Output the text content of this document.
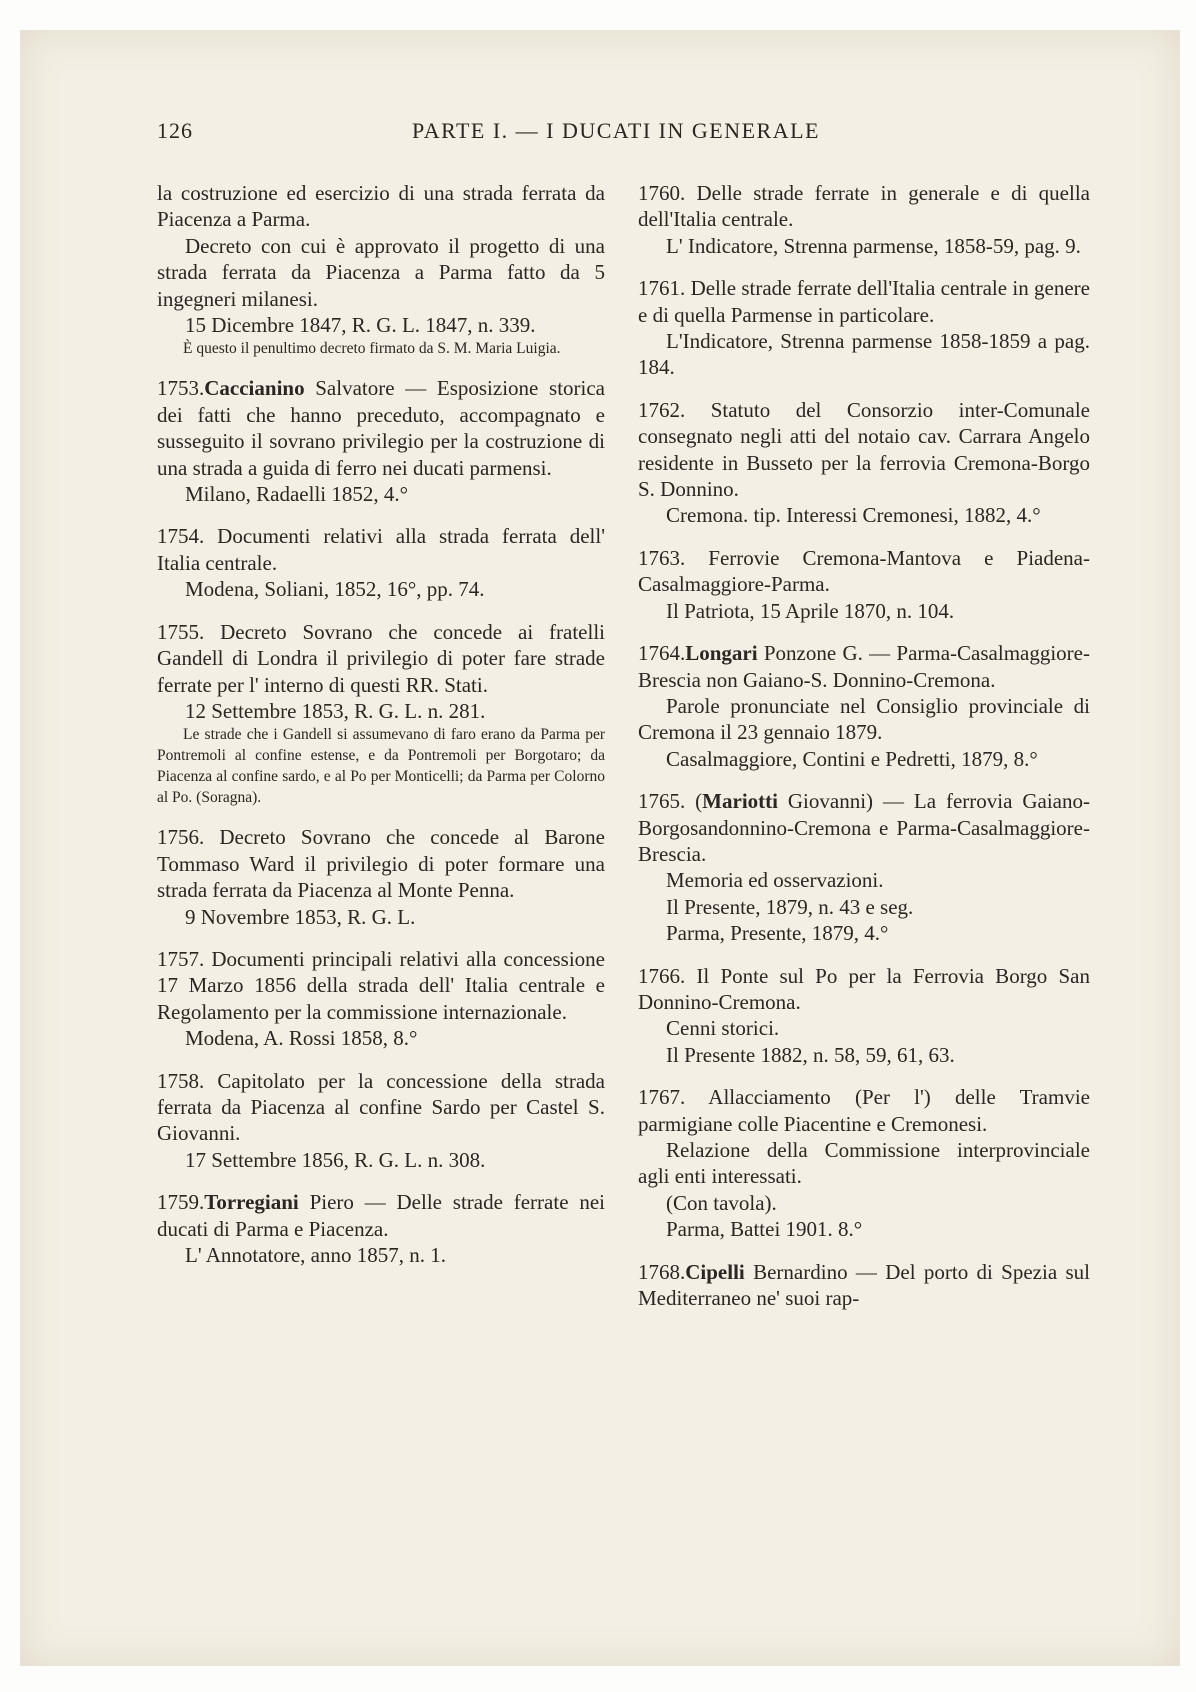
126	PARTE I. — I DUCATI IN GENERALE

la costruzione ed esercizio di una strada ferrata da Piacenza a Parma.

Decreto con cui è approvato il progetto di una strada ferrata da Piacenza a Parma fatto da 5 ingegneri milanesi.

15 Dicembre 1847, R. G. L. 1847, n. 339.

È questo il penultimo decreto firmato da S. M. Maria Luigia.

1753.Caccianino Salvatore — Esposizione storica dei fatti che hanno preceduto, accompagnato e susseguito il sovrano privilegio per la costruzione di una strada a guida di ferro nei ducati parmensi.

Milano, Radaelli 1852, 4.°

1754. Documenti relativi alla strada ferrata dell' Italia centrale.

Modena, Soliani, 1852, 16°, pp. 74.

1755. Decreto Sovrano che concede ai fratelli Gandell di Londra il privilegio di poter fare strade ferrate per l' interno di questi RR. Stati.

12 Settembre 1853, R. G. L. n. 281.

Le strade che i Gandell si assumevano di faro erano da Parma per Pontremoli al confine estense, e da Pontremoli per Borgotaro; da Piacenza al confine sardo, e al Po per Monticelli; da Parma per Colorno al Po. (Soragna).

1756. Decreto Sovrano che concede al Barone Tommaso Ward il privilegio di poter formare una strada ferrata da Piacenza al Monte Penna.

9 Novembre 1853, R. G. L.

1757. Documenti principali relativi alla concessione 17 Marzo 1856 della strada dell' Italia centrale e Regolamento per la commissione internazionale.

Modena, A. Rossi 1858, 8.°

1758. Capitolato per la concessione della strada ferrata da Piacenza al confine Sardo per Castel S. Giovanni.

17 Settembre 1856, R. G. L. n. 308.

1759.Torregiani Piero — Delle strade ferrate nei ducati di Parma e Piacenza.

L' Annotatore, anno 1857, n. 1.

1760. Delle strade ferrate in generale e di quella dell'Italia centrale.

L' Indicatore, Strenna parmense, 1858-59, pag. 9.

1761. Delle strade ferrate dell'Italia centrale in genere e di quella Parmense in particolare.

L'Indicatore, Strenna parmense 1858-1859 a pag. 184.

1762. Statuto del Consorzio inter-Comunale consegnato negli atti del notaio cav. Carrara Angelo residente in Busseto per la ferrovia Cremona-Borgo S. Donnino.

Cremona. tip. Interessi Cremonesi, 1882, 4.°

1763. Ferrovie Cremona-Mantova e Piadena-Casalmaggiore-Parma.

Il Patriota, 15 Aprile 1870, n. 104.

1764.Longari Ponzone G. — Parma-Casalmaggiore-Brescia non Gaiano-S. Donnino-Cremona.

Parole pronunciate nel Consiglio provinciale di Cremona il 23 gennaio 1879.

Casalmaggiore, Contini e Pedretti, 1879, 8.°

1765. (Mariotti Giovanni) — La ferrovia Gaiano-Borgosandonnino-Cremona e Parma-Casalmaggiore-Brescia.

Memoria ed osservazioni.

Il Presente, 1879, n. 43 e seg.

Parma, Presente, 1879, 4.°

1766. Il Ponte sul Po per la Ferrovia Borgo San Donnino-Cremona.

Cenni storici.

Il Presente 1882, n. 58, 59, 61, 63.

1767. Allacciamento (Per l') delle Tramvie parmigiane colle Piacentine e Cremonesi.

Relazione della Commissione interprovinciale agli enti interessati.

(Con tavola).

Parma, Battei 1901. 8.°

1768.Cipelli Bernardino — Del porto di Spezia sul Mediterraneo ne' suoi rap-
